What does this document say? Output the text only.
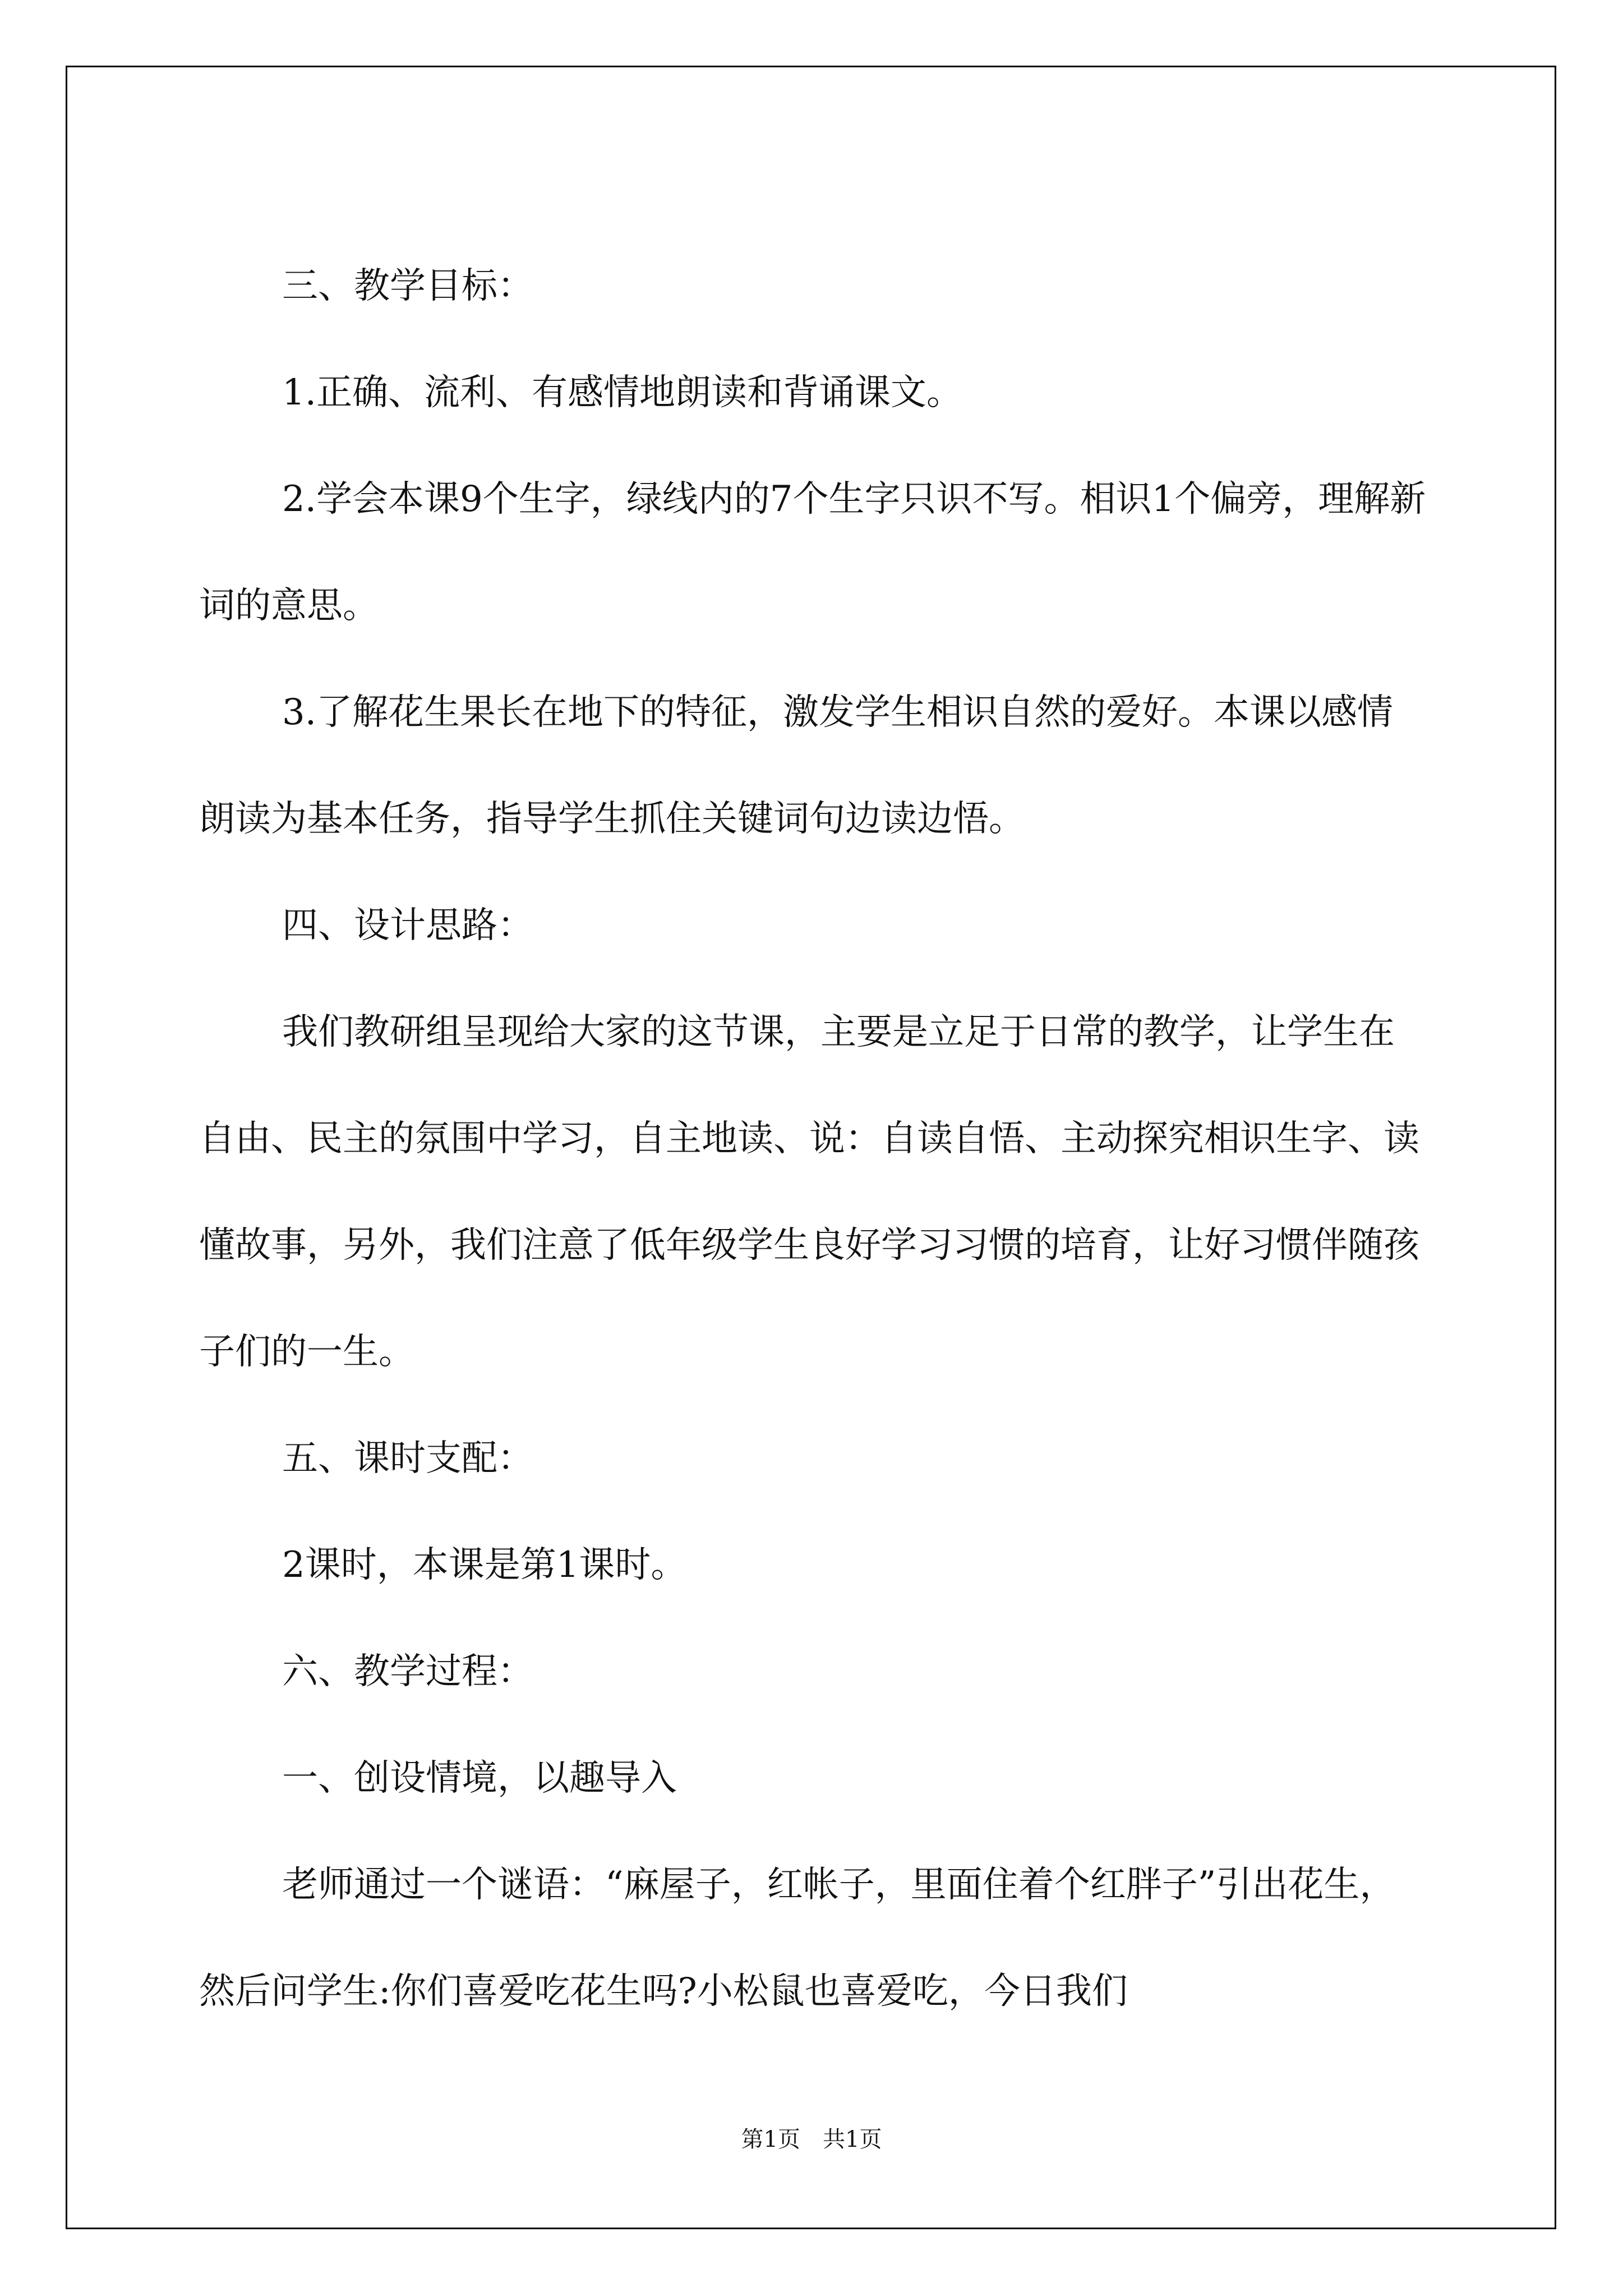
三、教学目标：

1.正确、流利、有感情地朗读和背诵课文。

2.学会本课9个生字，绿线内的7个生字只识不写。相识1个偏旁，理解新词的意思。

3.了解花生果长在地下的特征，激发学生相识自然的爱好。本课以感情朗读为基本任务，指导学生抓住关键词句边读边悟。

四、设计思路：

我们教研组呈现给大家的这节课，主要是立足于日常的教学，让学生在自由、民主的氛围中学习，自主地读、说：自读自悟、主动探究相识生字、读懂故事，另外，我们注意了低年级学生良好学习习惯的培育，让好习惯伴随孩子们的一生。

五、课时支配：

2课时，本课是第1课时。

六、教学过程：

一、创设情境，以趣导入

老师通过一个谜语：“麻屋子，红帐子，里面住着个红胖子”引出花生，然后问学生:你们喜爱吃花生吗?小松鼠也喜爱吃，今日我们

第1页　共1页
